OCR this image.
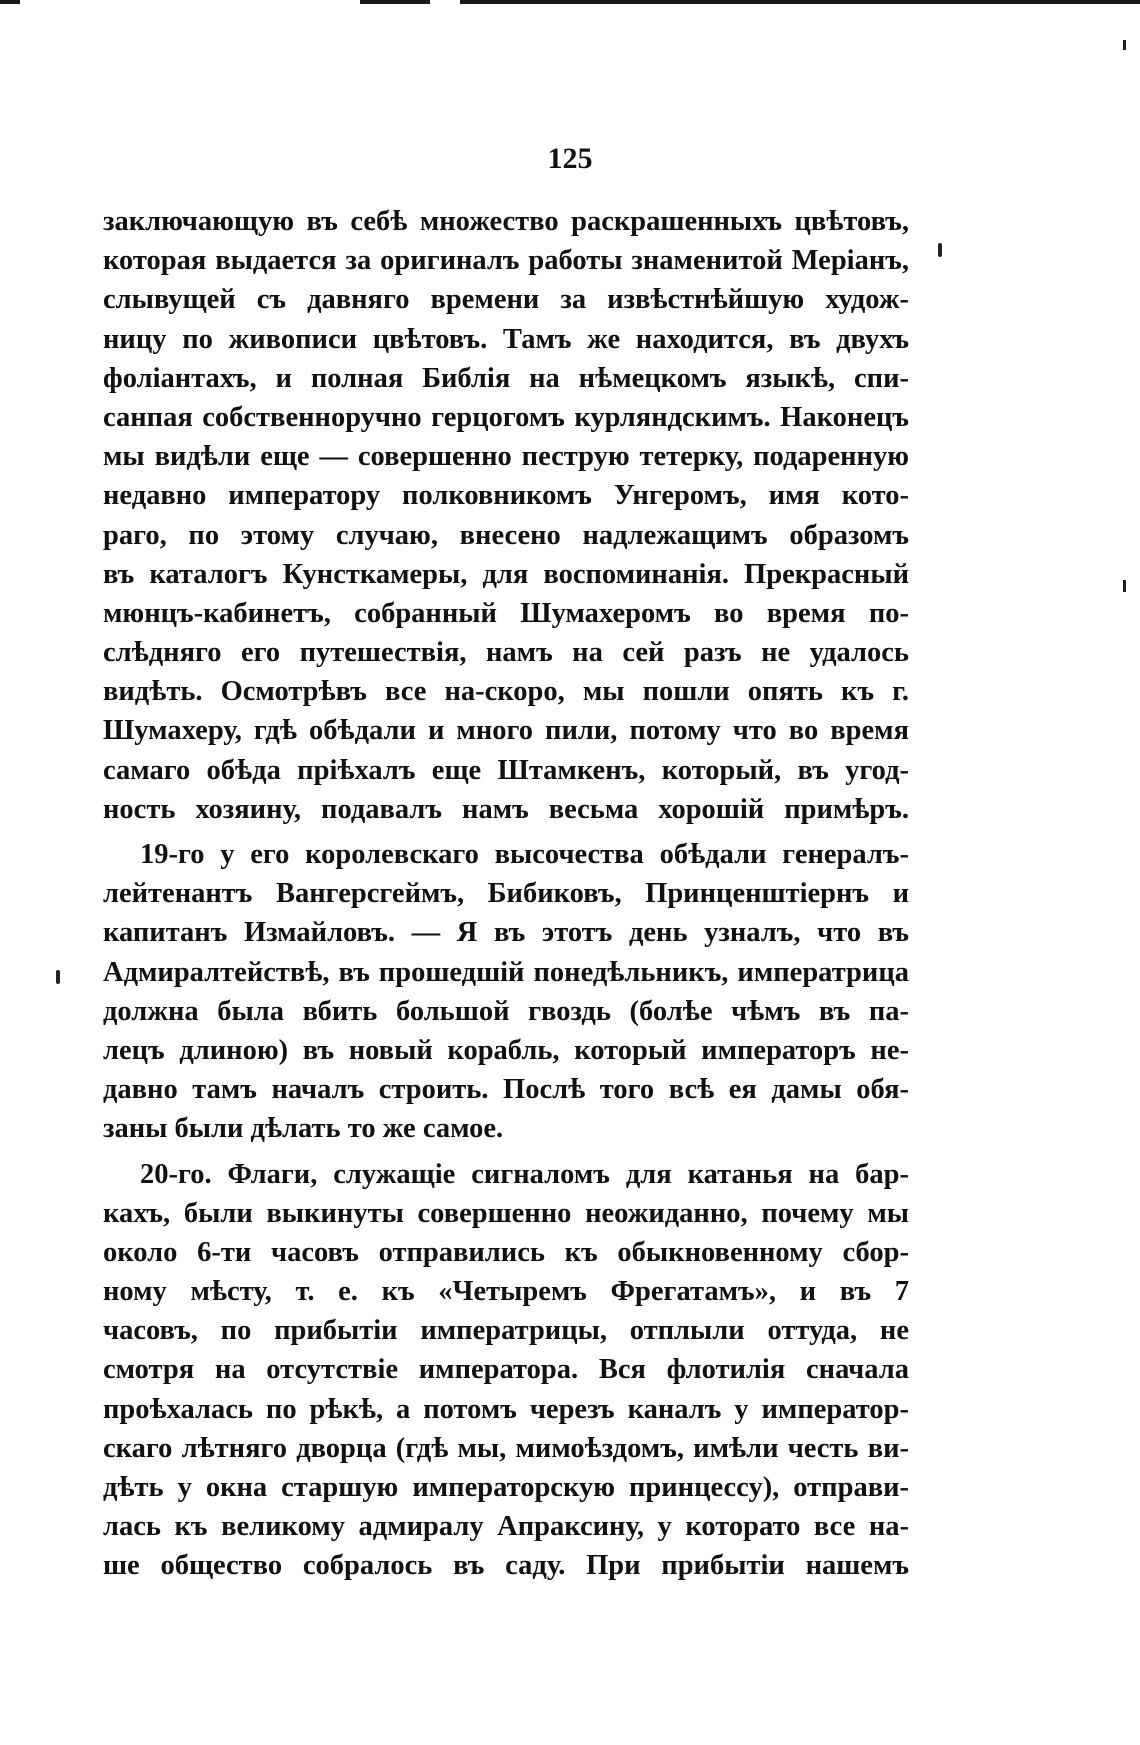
125
заключающую въ себѣ множество раскрашенныхъ цвѣтовъ,
которая выдается за оригиналъ работы знаменитой Меріанъ,
слывущей съ давняго времени за извѣстнѣйшую худож-
ницу по живописи цвѣтовъ. Тамъ же находится, въ двухъ
фоліантахъ, и полная Библія на нѣмецкомъ языкѣ, спи-
санпая собственноручно герцогомъ курляндскимъ. Наконецъ
мы видѣли еще — совершенно пеструю тетерку, подаренную
недавно императору полковникомъ Унгеромъ, имя кото-
раго, по этому случаю, внесено надлежащимъ образомъ
въ каталогъ Кунсткамеры, для воспоминанія. Прекрасный
мюнцъ-кабинетъ, собранный Шумахеромъ во время по-
слѣдняго его путешествія, намъ на сей разъ не удалось
видѣть. Осмотрѣвъ все на-скоро, мы пошли опять къ г.
Шумахеру, гдѣ обѣдали и много пили, потому что во время
самаго обѣда пріѣхалъ еще Штамкенъ, который, въ угод-
ность хозяину, подавалъ намъ весьма хорошій примѣръ.
19-го у его королевскаго высочества обѣдали генералъ-
лейтенантъ Вангерсгеймъ, Бибиковъ, Принценштіернъ и
капитанъ Измайловъ. — Я въ этотъ день узналъ, что въ
Адмиралтействѣ, въ прошедшій понедѣльникъ, императрица
должна была вбить большой гвоздь (болѣе чѣмъ въ па-
лецъ длиною) въ новый корабль, который императоръ не-
давно тамъ началъ строить. Послѣ того всѣ ея дамы обя-
заны были дѣлать то же самое.
20-го. Флаги, служащіе сигналомъ для катанья на бар-
кахъ, были выкинуты совершенно неожиданно, почему мы
около 6-ти часовъ отправились къ обыкновенному сбор-
ному мѣсту, т. е. къ «Четыремъ Фрегатамъ», и въ 7
часовъ, по прибытіи императрицы, отплыли оттуда, не
смотря на отсутствіе императора. Вся флотилія сначала
проѣхалась по рѣкѣ, а потомъ черезъ каналъ у император-
скаго лѣтняго дворца (гдѣ мы, мимоѣздомъ, имѣли честь ви-
дѣть у окна старшую императорскую принцессу), отправи-
лась къ великому адмиралу Апраксину, у которато все на-
ше общество собралось въ саду. При прибытіи нашемъ
